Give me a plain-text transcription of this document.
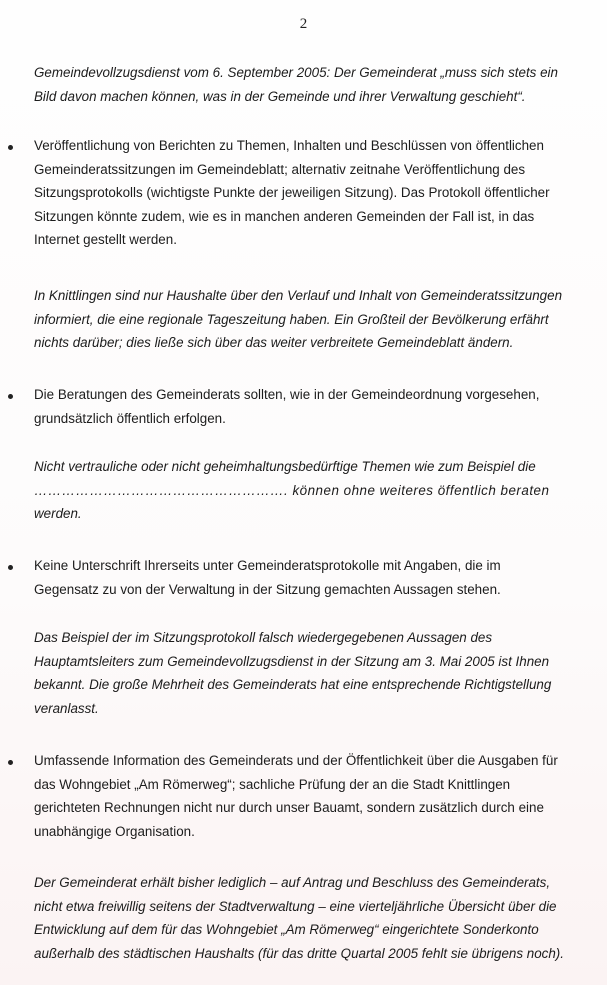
2
Gemeindevollzugsdienst vom 6. September 2005: Der Gemeinderat „muss sich stets ein
Bild davon machen können, was in der Gemeinde und ihrer Verwaltung geschieht“.
Veröffentlichung von Berichten zu Themen, Inhalten und Beschlüssen von öffentlichen
Gemeinderatssitzungen im Gemeindeblatt; alternativ zeitnahe Veröffentlichung des
Sitzungsprotokolls (wichtigste Punkte der jeweiligen Sitzung). Das Protokoll öffentlicher
Sitzungen könnte zudem, wie es in manchen anderen Gemeinden der Fall ist, in das
Internet gestellt werden.
In Knittlingen sind nur Haushalte über den Verlauf und Inhalt von Gemeinderatssitzungen
informiert, die eine regionale Tageszeitung haben. Ein Großteil der Bevölkerung erfährt
nichts darüber; dies ließe sich über das weiter verbreitete Gemeindeblatt ändern.
Die Beratungen des Gemeinderats sollten, wie in der Gemeindeordnung vorgesehen,
grundsätzlich öffentlich erfolgen.
Nicht vertrauliche oder nicht geheimhaltungsbedürftige Themen wie zum Beispiel die
………………………………………………. können ohne weiteres öffentlich beraten
werden.
Keine Unterschrift Ihrerseits unter Gemeinderatsprotokolle mit Angaben, die im
Gegensatz zu von der Verwaltung in der Sitzung gemachten Aussagen stehen.
Das Beispiel der im Sitzungsprotokoll falsch wiedergegebenen Aussagen des
Hauptamtsleiters zum Gemeindevollzugsdienst in der Sitzung am 3. Mai 2005 ist Ihnen
bekannt. Die große Mehrheit des Gemeinderats hat eine entsprechende Richtigstellung
veranlasst.
Umfassende Information des Gemeinderats und der Öffentlichkeit über die Ausgaben für
das Wohngebiet „Am Römerweg“; sachliche Prüfung der an die Stadt Knittlingen
gerichteten Rechnungen nicht nur durch unser Bauamt, sondern zusätzlich durch eine
unabhängige Organisation.
Der Gemeinderat erhält bisher lediglich – auf Antrag und Beschluss des Gemeinderats,
nicht etwa freiwillig seitens der Stadtverwaltung – eine vierteljährliche Übersicht über die
Entwicklung auf dem für das Wohngebiet „Am Römerweg“ eingerichtete Sonderkonto
außerhalb des städtischen Haushalts (für das dritte Quartal 2005 fehlt sie übrigens noch).
